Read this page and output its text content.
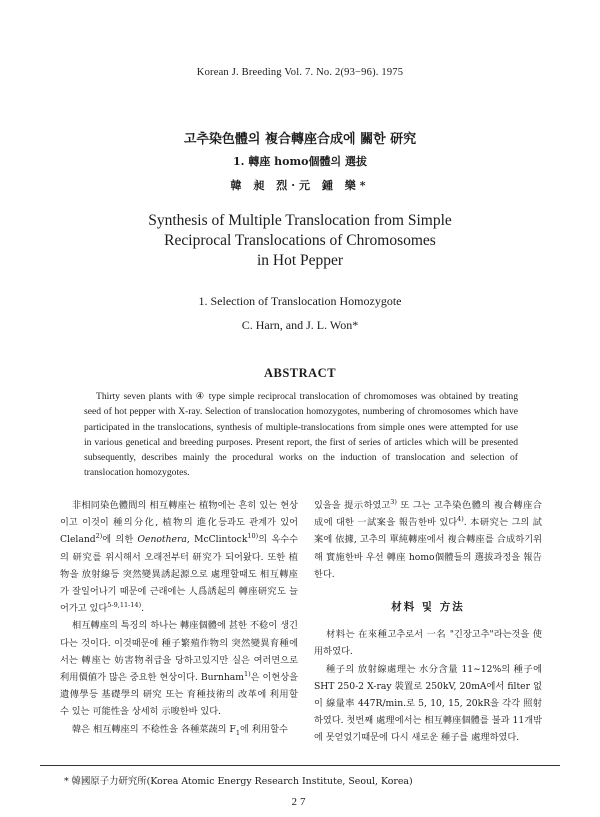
Korean J. Breeding Vol. 7. No. 2(93−96). 1975
고추染色體의 複合轉座合成에 關한 研究
1. 轉座 homo個體의 選拔
韓 昶 烈·元 鍾 樂*
Synthesis of Multiple Translocation from Simple
Reciprocal Translocations of Chromosomes
in Hot Pepper
1. Selection of Translocation Homozygote
C. Harn, and J. L. Won*
ABSTRACT
Thirty seven plants with ④ type simple reciprocal translocation of chromomoses was obtained by treating seed of hot pepper with X-ray. Selection of translocation homozygotes, numbering of chromosomes which have participated in the translocations, synthesis of multiple-translocations from simple ones were attempted for use in various genetical and breeding purposes. Present report, the first of series of articles which will be presented subsequently, describes mainly the procedural works on the induction of translocation and selection of translocation homozygotes.

非相同染色體間의 相互轉座는 植物에는 흔히 있는 현상이고 이것이 種의分化, 植物의 進化등과도 관계가 있어 Cleland$^{2)}$에 의한 Oenothera, McClintock$^{10)}$의 옥수수의 研究를 위시해서 오래전부터 研究가 되어왔다. 또한 植物을 放射線등 突然變異誘起源으로 處理할때도 相互轉座가 잘일어나기 때문에 근래에는 人爲誘起의 轉座研究도 늘어가고 있다$^{5-9,11-14)}$.

相互轉座의 특징의 하나는 轉座個體에 甚한 不稔이 생긴다는 것이다. 이것때문에 種子繁殖作物의 突然變異育種에서는 轉座는 妨害物취급을 당하고있지만 실은 여러면으로 利用價値가 많은 중요한 현상이다. Burnham$^{1)}$은 이현상을 遺傳學등 基礎學의 研究 또는 育種技術의 改革에 利用할 수 있는 可能性을 상세히 示唆한바 있다.

韓은 相互轉座의 不稔性을 各種菜蔬의 $F_1$에 利用할수

있을을 提示하였고$^{3)}$ 또 그는 고추染色體의 複合轉座合成에 대한 一試案을 報告한바 있다$^{4)}$. 本研究는 그의 試案에 依據, 고추의 單純轉座에서 複合轉座를 合成하기위해 實施한바 우선 轉座 homo個體들의 選拔과정을 報告한다.

材料 및 方法

材料는 在來種고추로서 一名 "긴장고추"라는것을 使用하였다.

種子의 放射線處理는 水分含量 11∼12%의 種子에 SHT 250-2 X-ray 裝置로 250kV, 20mA에서 filter 없이 線量率 447R/min.로 5, 10, 15, 20kR을 각각 照射하였다. 첫번째 處理에서는 相互轉座個體를 불과 11개밖에 못얻었기때문에 다시 새로운 種子를 處理하였다.

* 韓國原子力研究所(Korea Atomic Energy Research Institute, Seoul, Korea)
27
